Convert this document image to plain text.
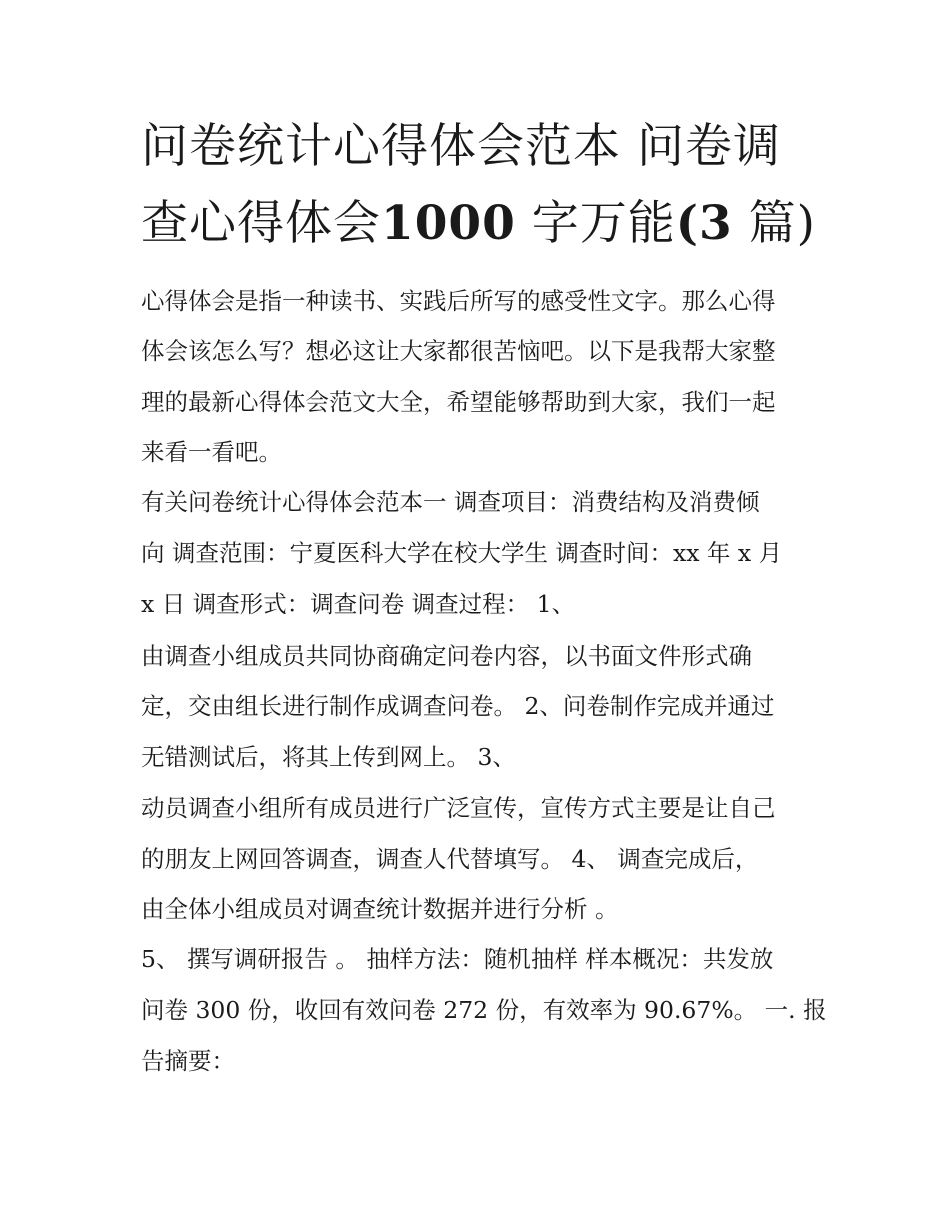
问卷统计心得体会范本 问卷调
查心得体会1000 字万能(3 篇)
心得体会是指一种读书、实践后所写的感受性文字。那么心得
体会该怎么写？想必这让大家都很苦恼吧。以下是我帮大家整
理的最新心得体会范文大全，希望能够帮助到大家，我们一起
来看一看吧。
有关问卷统计心得体会范本一 调查项目：消费结构及消费倾
向 调查范围：宁夏医科大学在校大学生 调查时间：xx 年 x 月
x 日 调查形式：调查问卷 调查过程： 1、
由调查小组成员共同协商确定问卷内容，以书面文件形式确
定，交由组长进行制作成调查问卷。 2、问卷制作完成并通过
无错测试后，将其上传到网上。 3、
动员调查小组所有成员进行广泛宣传，宣传方式主要是让自己
的朋友上网回答调查，调查人代替填写。 4、 调查完成后，
由全体小组成员对调查统计数据并进行分析 。
5、 撰写调研报告 。 抽样方法：随机抽样 样本概况：共发放
问卷 300 份，收回有效问卷 272 份，有效率为 90.67%。 一. 报
告摘要：
